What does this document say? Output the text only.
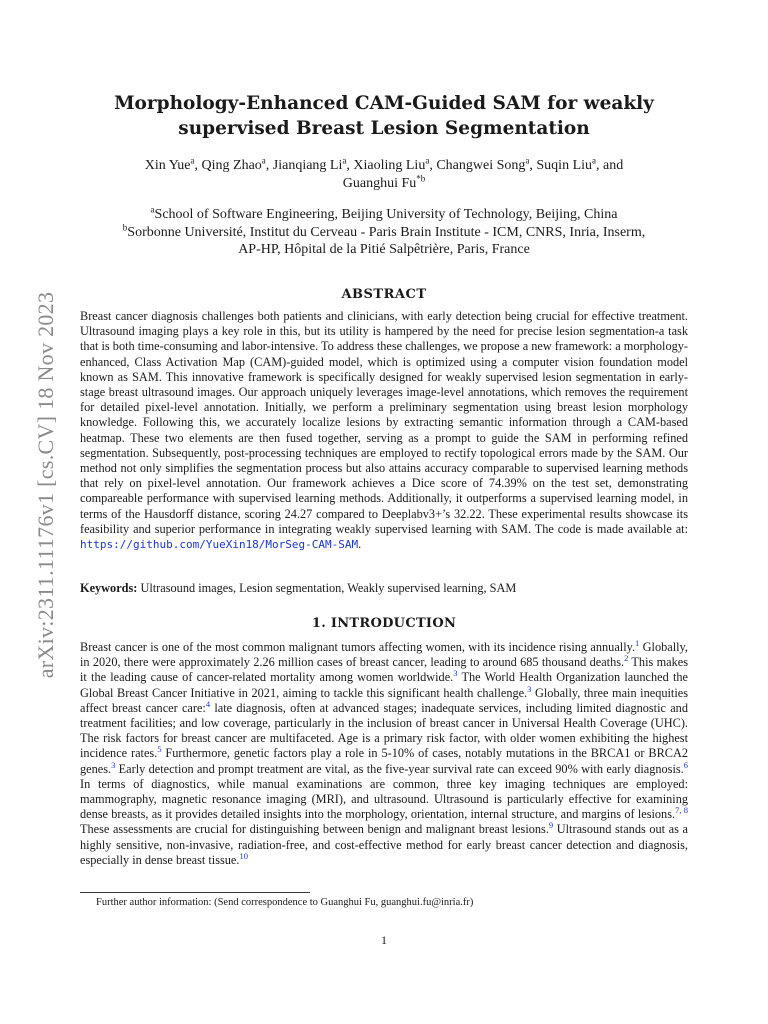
arXiv:2311.11176v1 [cs.CV] 18 Nov 2023
Morphology-Enhanced CAM-Guided SAM for weakly
supervised Breast Lesion Segmentation
Xin Yue$^a$, Qing Zhao$^a$, Jianqiang Li$^a$, Xiaoling Liu$^a$, Changwei Song$^a$, Suqin Liu$^a$, and
Guanghui Fu$^{*b}$
$^a$School of Software Engineering, Beijing University of Technology, Beijing, China
$^b$Sorbonne Université, Institut du Cerveau - Paris Brain Institute - ICM, CNRS, Inria, Inserm,
AP-HP, Hôpital de la Pitié Salpêtrière, Paris, France
ABSTRACT
Breast cancer diagnosis challenges both patients and clinicians, with early detection being crucial for effective treatment. Ultrasound imaging plays a key role in this, but its utility is hampered by the need for precise lesion segmentation-a task that is both time-consuming and labor-intensive. To address these challenges, we propose a new framework: a morphology-enhanced, Class Activation Map (CAM)-guided model, which is optimized using a computer vision foundation model known as SAM. This innovative framework is specifically designed for weakly supervised lesion segmentation in early-stage breast ultrasound images. Our approach uniquely leverages image-level annotations, which removes the requirement for detailed pixel-level annotation. Initially, we perform a preliminary segmentation using breast lesion morphology knowledge. Following this, we accurately localize lesions by extracting semantic information through a CAM-based heatmap. These two elements are then fused together, serving as a prompt to guide the SAM in performing refined segmentation. Subsequently, post-processing techniques are employed to rectify topological errors made by the SAM. Our method not only simplifies the segmentation process but also attains accuracy comparable to supervised learning methods that rely on pixel-level annotation. Our framework achieves a Dice score of 74.39% on the test set, demonstrating compareable performance with supervised learning methods. Additionally, it outperforms a supervised learning model, in terms of the Hausdorff distance, scoring 24.27 compared to Deeplabv3+’s 32.22. These experimental results showcase its feasibility and superior performance in integrating weakly supervised learning with SAM. The code is made available at: https://github.com/YueXin18/MorSeg-CAM-SAM.
Keywords: Ultrasound images, Lesion segmentation, Weakly supervised learning, SAM
1. INTRODUCTION
Breast cancer is one of the most common malignant tumors affecting women, with its incidence rising annually.$^1$ Globally, in 2020, there were approximately 2.26 million cases of breast cancer, leading to around 685 thousand deaths.$^2$ This makes it the leading cause of cancer-related mortality among women worldwide.$^3$ The World Health Organization launched the Global Breast Cancer Initiative in 2021, aiming to tackle this significant health challenge.$^3$ Globally, three main inequities affect breast cancer care:$^4$ late diagnosis, often at advanced stages; inadequate services, including limited diagnostic and treatment facilities; and low coverage, particularly in the inclusion of breast cancer in Universal Health Coverage (UHC). The risk factors for breast cancer are multifaceted. Age is a primary risk factor, with older women exhibiting the highest incidence rates.$^5$ Furthermore, genetic factors play a role in 5-10% of cases, notably mutations in the BRCA1 or BRCA2 genes.$^3$ Early detection and prompt treatment are vital, as the five-year survival rate can exceed 90% with early diagnosis.$^6$ In terms of diagnostics, while manual examinations are common, three key imaging techniques are employed: mammography, magnetic resonance imaging (MRI), and ultrasound. Ultrasound is particularly effective for examining dense breasts, as it provides detailed insights into the morphology, orientation, internal structure, and margins of lesions.$^{7, 8}$ These assessments are crucial for distinguishing between benign and malignant breast lesions.$^9$ Ultrasound stands out as a highly sensitive, non-invasive, radiation-free, and cost-effective method for early breast cancer detection and diagnosis, especially in dense breast tissue.$^{10}$
Further author information: (Send correspondence to Guanghui Fu, guanghui.fu@inria.fr)
1
